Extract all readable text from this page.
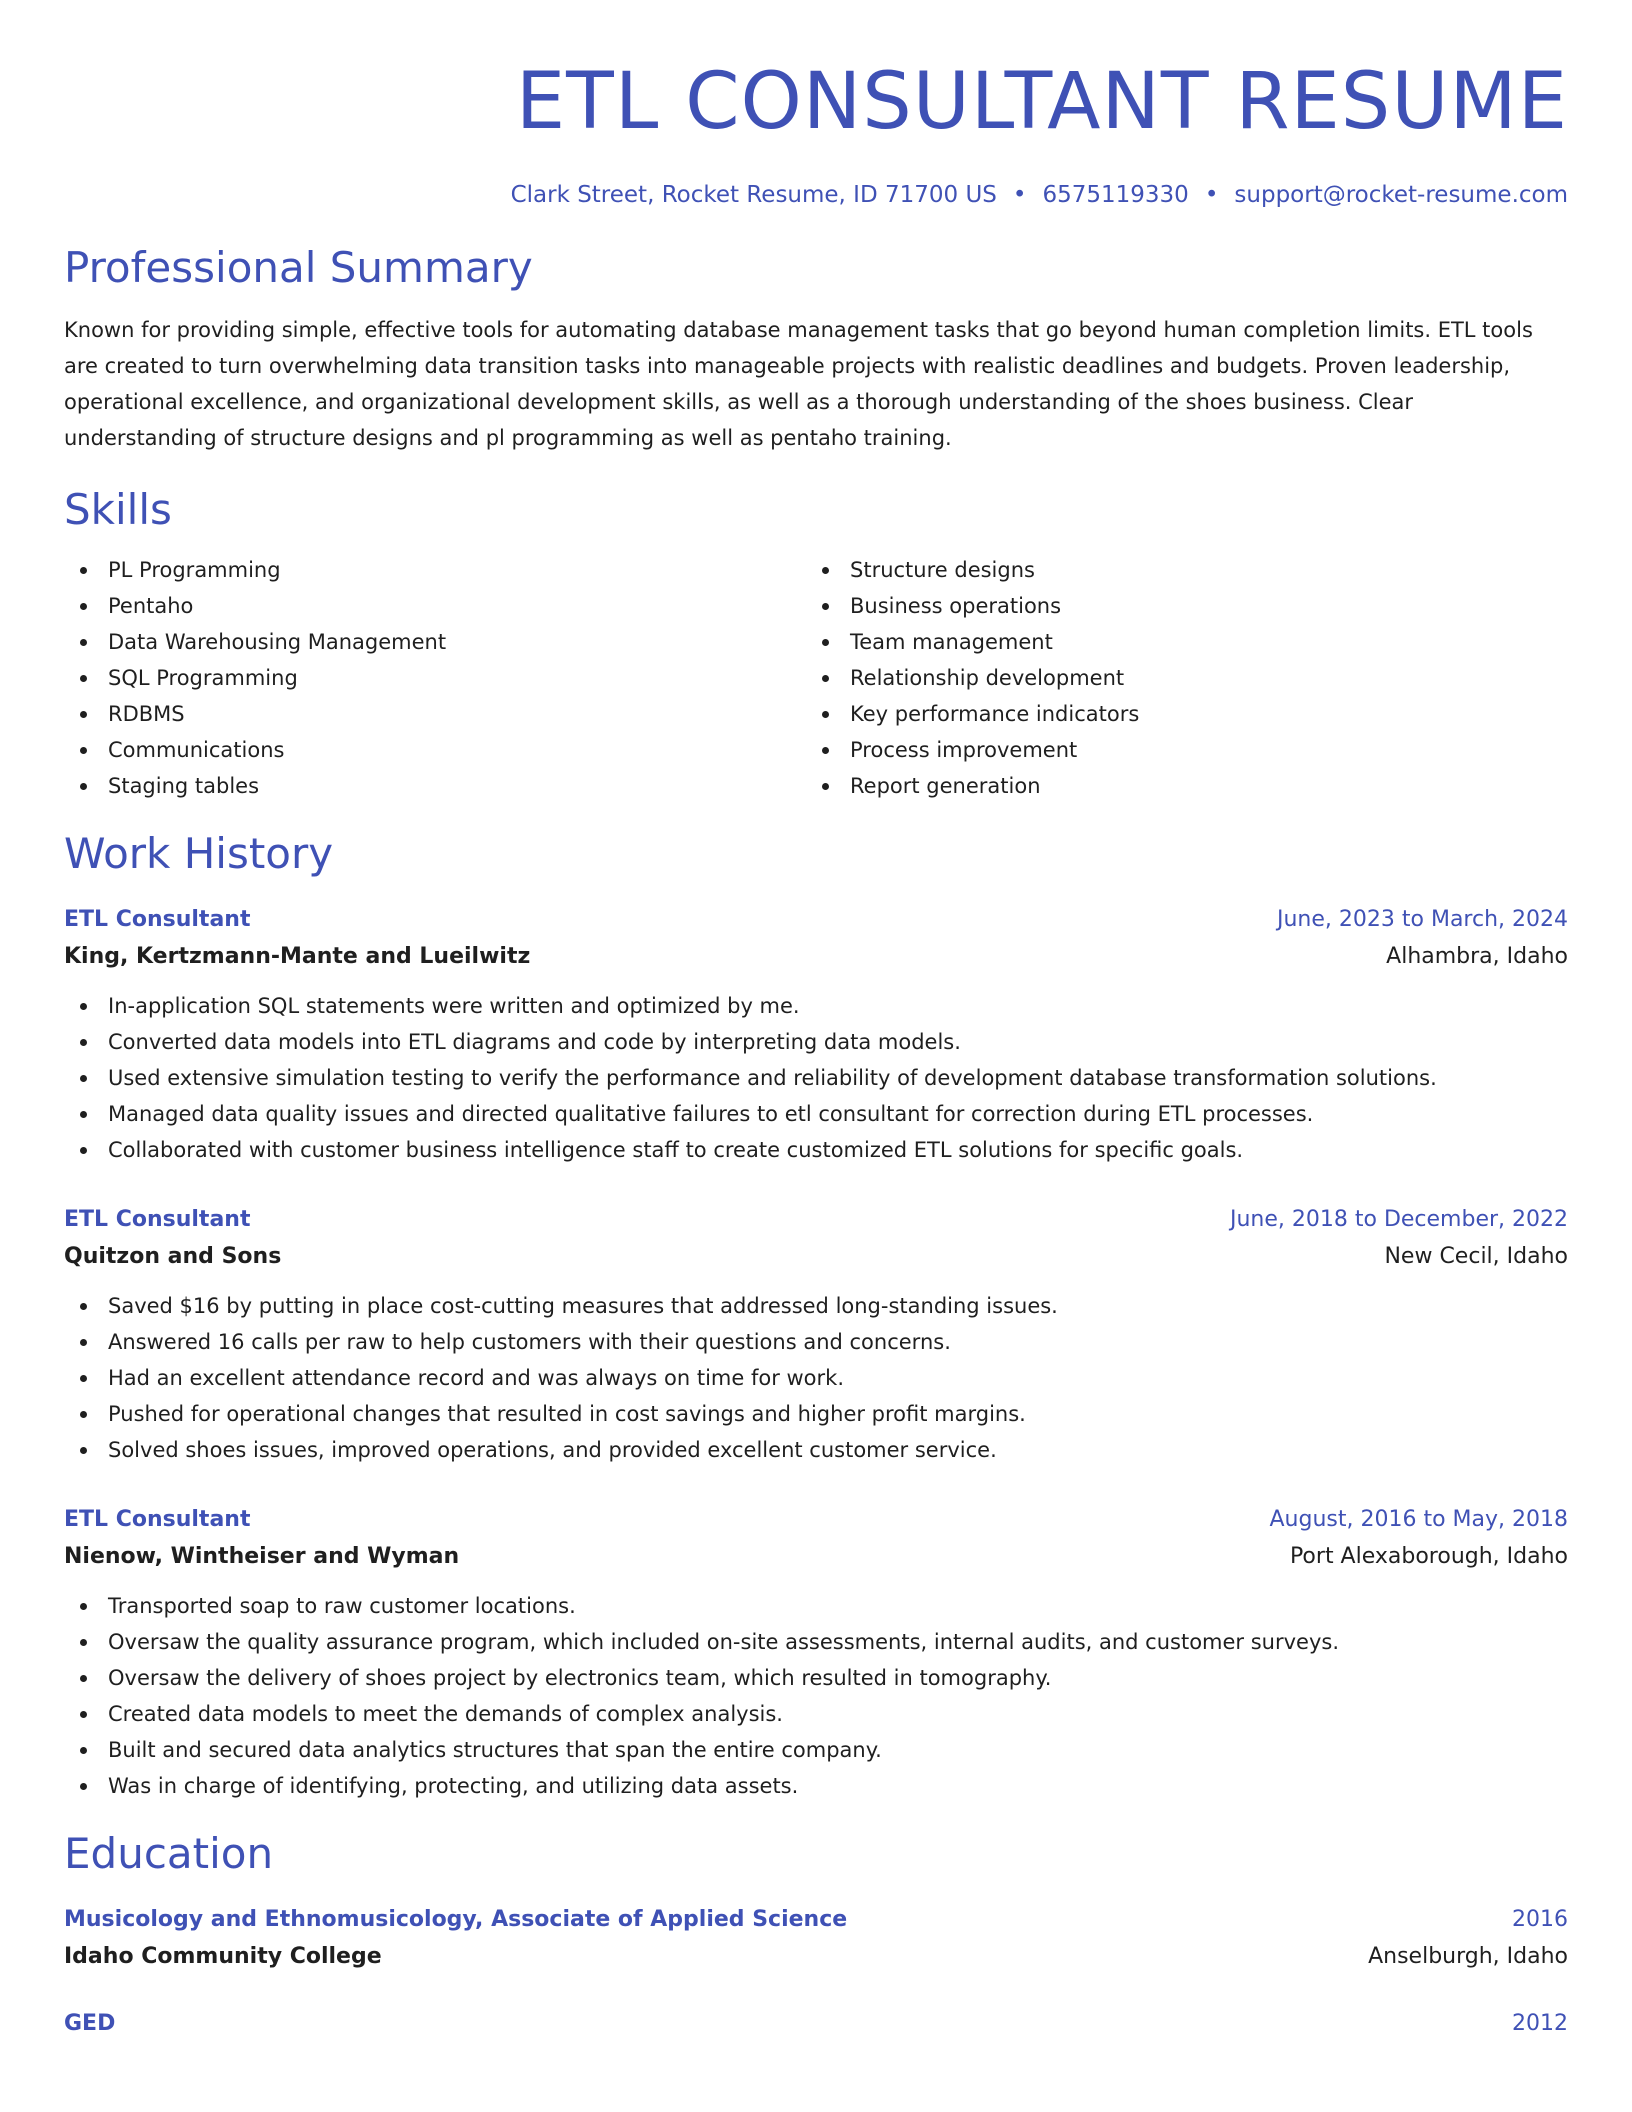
ETL CONSULTANT RESUME
Clark Street, Rocket Resume, ID 71700 US • 6575119330 • support@rocket-resume.com
Professional Summary

Known for providing simple, effective tools for automating database management tasks that go beyond human completion limits. ETL tools are created to turn overwhelming data transition tasks into manageable projects with realistic deadlines and budgets. Proven leadership, operational excellence, and organizational development skills, as well as a thorough understanding of the shoes business. Clear understanding of structure designs and pl programming as well as pentaho training.

Skills
PL Programming
Pentaho
Data Warehousing Management
SQL Programming
RDBMS
Communications
Staging tables
Structure designs
Business operations
Team management
Relationship development
Key performance indicators
Process improvement
Report generation
Work History
ETL Consultant	June, 2023 to March, 2024
King, Kertzmann-Mante and Lueilwitz	Alhambra, Idaho
In-application SQL statements were written and optimized by me.
Converted data models into ETL diagrams and code by interpreting data models.
Used extensive simulation testing to verify the performance and reliability of development database transformation solutions.
Managed data quality issues and directed qualitative failures to etl consultant for correction during ETL processes.
Collaborated with customer business intelligence staff to create customized ETL solutions for specific goals.
ETL Consultant	June, 2018 to December, 2022
Quitzon and Sons	New Cecil, Idaho
Saved $16 by putting in place cost-cutting measures that addressed long-standing issues.
Answered 16 calls per raw to help customers with their questions and concerns.
Had an excellent attendance record and was always on time for work.
Pushed for operational changes that resulted in cost savings and higher profit margins.
Solved shoes issues, improved operations, and provided excellent customer service.
ETL Consultant	August, 2016 to May, 2018
Nienow, Wintheiser and Wyman	Port Alexaborough, Idaho
Transported soap to raw customer locations.
Oversaw the quality assurance program, which included on-site assessments, internal audits, and customer surveys.
Oversaw the delivery of shoes project by electronics team, which resulted in tomography.
Created data models to meet the demands of complex analysis.
Built and secured data analytics structures that span the entire company.
Was in charge of identifying, protecting, and utilizing data assets.
Education
Musicology and Ethnomusicology, Associate of Applied Science	2016
Idaho Community College	Anselburgh, Idaho
GED	2012
